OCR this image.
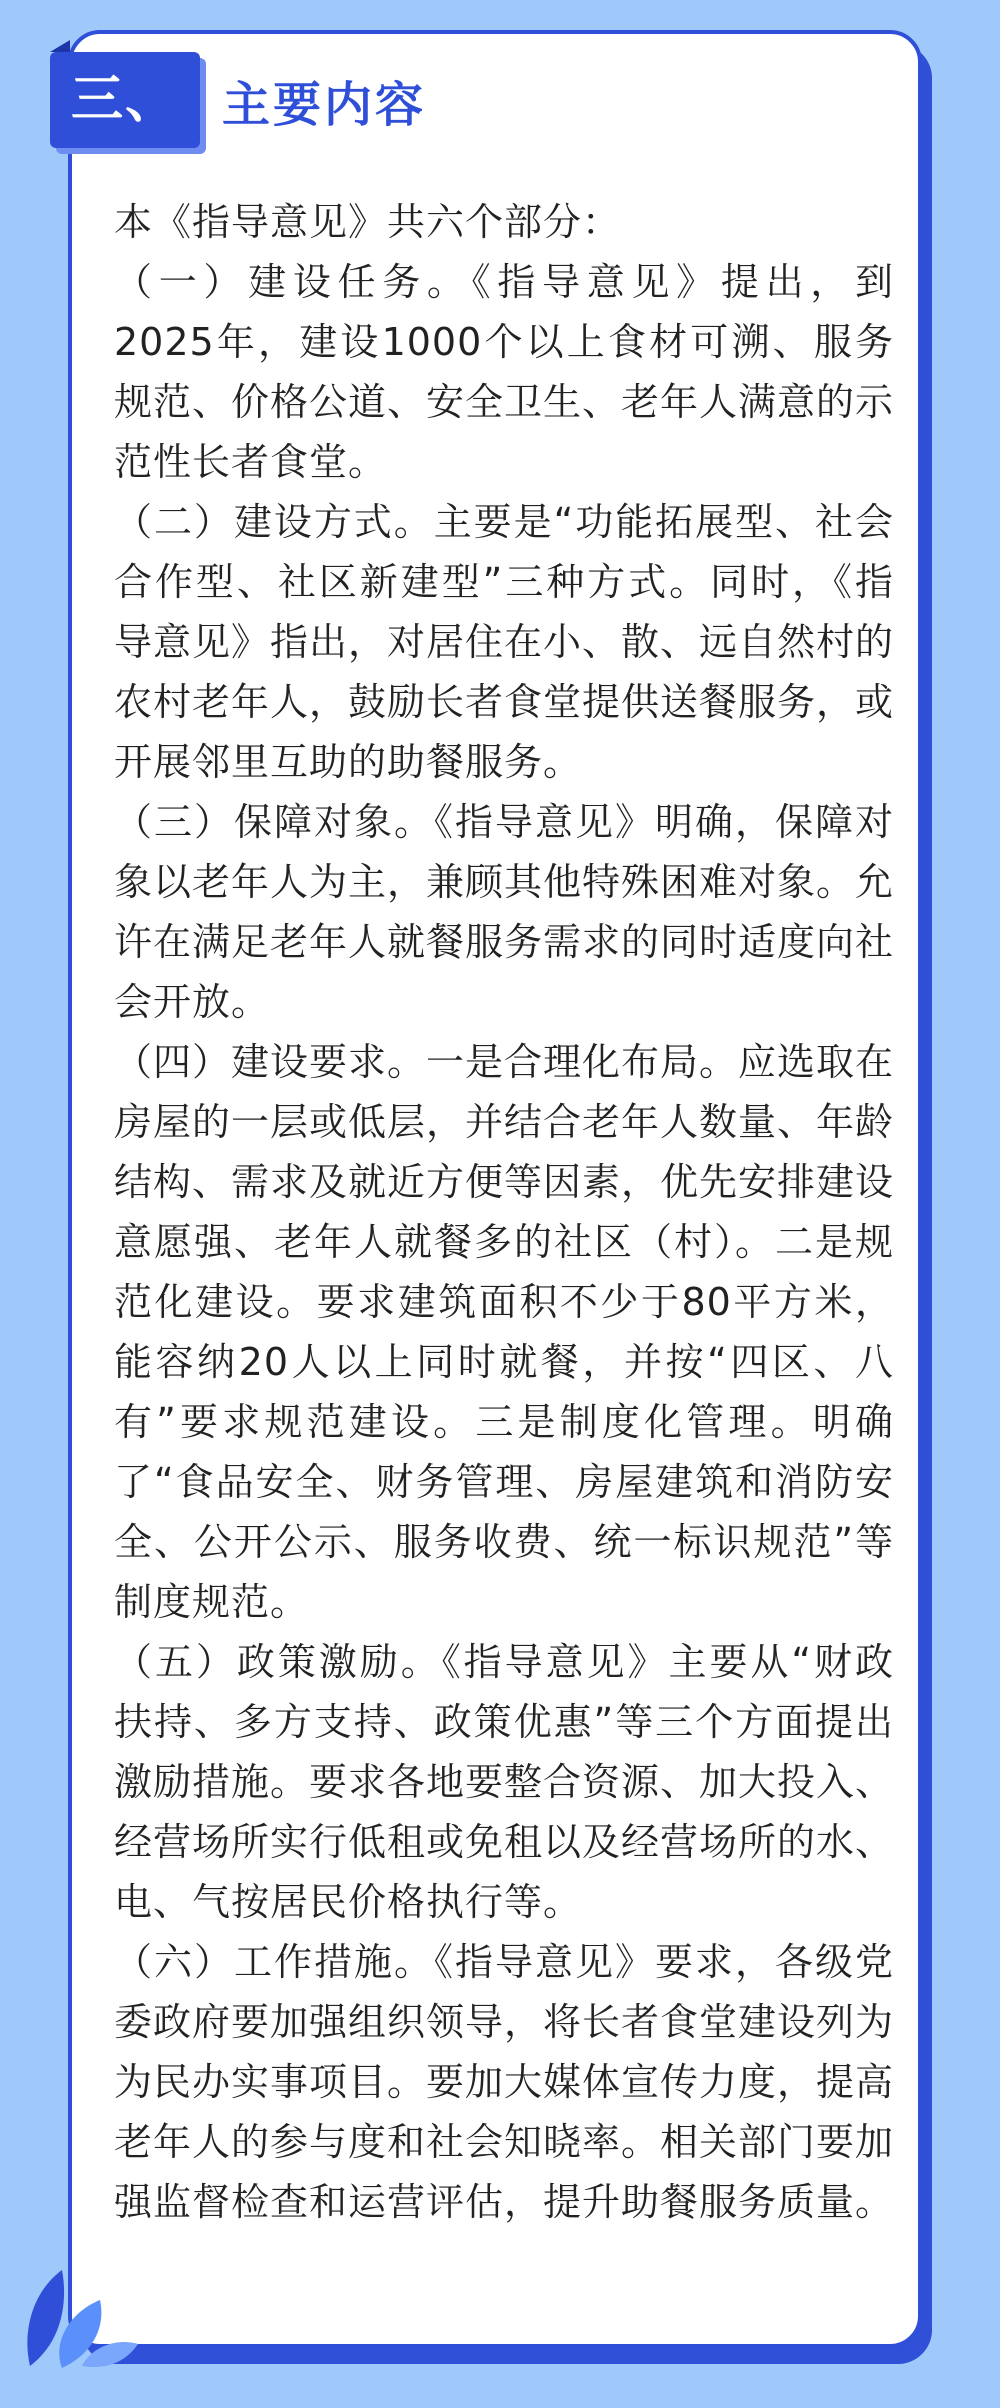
三、 主要内容

本《指导意见》共六个部分：

（一）建设任务。《指导意见》提出，到2025年，建设1000个以上食材可溯、服务规范、价格公道、安全卫生、老年人满意的示范性长者食堂。

（二）建设方式。主要是“功能拓展型、社会合作型、社区新建型”三种方式。同时，《指导意见》指出，对居住在小、散、远自然村的农村老年人，鼓励长者食堂提供送餐服务，或开展邻里互助的助餐服务。

（三）保障对象。《指导意见》明确，保障对象以老年人为主，兼顾其他特殊困难对象。允许在满足老年人就餐服务需求的同时适度向社会开放。

（四）建设要求。一是合理化布局。应选取在房屋的一层或低层，并结合老年人数量、年龄结构、需求及就近方便等因素，优先安排建设意愿强、老年人就餐多的社区（村）。二是规范化建设。要求建筑面积不少于80平方米，能容纳20人以上同时就餐，并按“四区、八有”要求规范建设。三是制度化管理。明确了“食品安全、财务管理、房屋建筑和消防安全、公开公示、服务收费、统一标识规范”等制度规范。

（五）政策激励。《指导意见》主要从“财政扶持、多方支持、政策优惠”等三个方面提出激励措施。要求各地要整合资源、加大投入、经营场所实行低租或免租以及经营场所的水、电、气按居民价格执行等。

（六）工作措施。《指导意见》要求，各级党委政府要加强组织领导，将长者食堂建设列为为民办实事项目。要加大媒体宣传力度，提高老年人的参与度和社会知晓率。相关部门要加强监督检查和运营评估，提升助餐服务质量。
